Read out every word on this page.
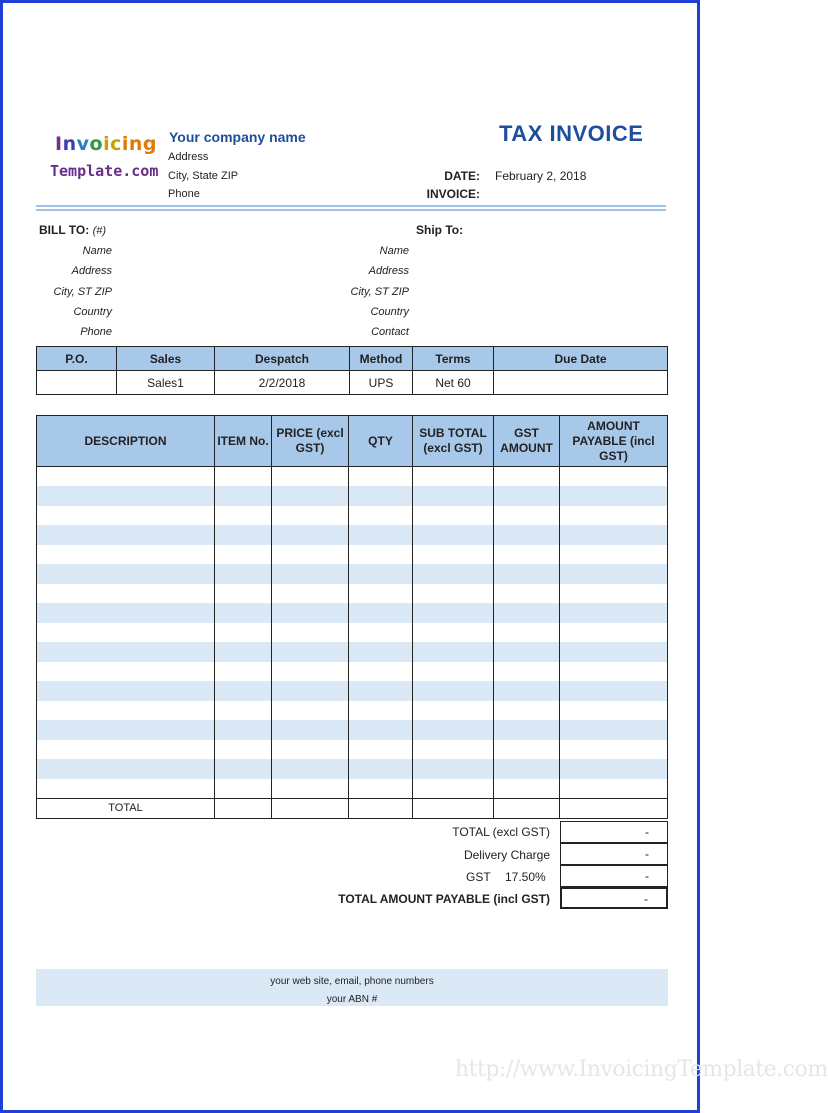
Invoicing
Template.com
Your company name
Address
City, State ZIP
Phone
TAX INVOICE
DATE: February 2, 2018
INVOICE:
BILL TO: (#)
Name
Address
City, ST ZIP
Country
Phone
Ship To:
Name
Address
City, ST ZIP
Country
Contact
P.O.	Sales	Despatch	Method	Terms	Due Date
	Sales1	2/2/2018	UPS	Net 60	
DESCRIPTION	ITEM No.	PRICE (excl GST)	QTY	SUB TOTAL (excl GST)	GST AMOUNT	AMOUNT PAYABLE (incl GST)

TOTAL						
TOTAL (excl GST)	-
Delivery Charge	-
GST 17.50%	-
TOTAL AMOUNT PAYABLE (incl GST)	-
your web site, email, phone numbers
your ABN #
http://www.InvoicingTemplate.com
